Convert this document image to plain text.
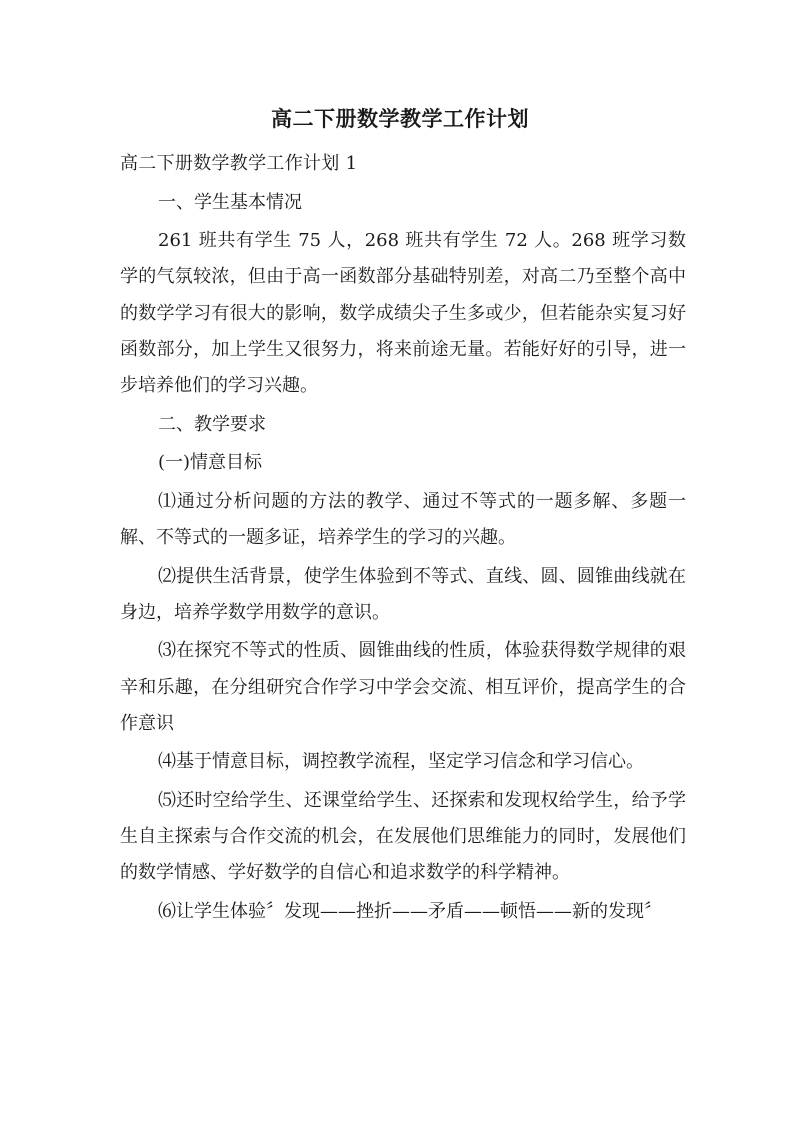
高二下册数学教学工作计划

高二下册数学教学工作计划 1

一、学生基本情况

261 班共有学生 75 人，268 班共有学生 72 人。268 班学习数学的气氛较浓，但由于高一函数部分基础特别差，对高二乃至整个高中的数学学习有很大的影响，数学成绩尖子生多或少，但若能杂实复习好函数部分，加上学生又很努力，将来前途无量。若能好好的引导，进一步培养他们的学习兴趣。

二、教学要求

(一)情意目标

⑴通过分析问题的方法的教学、通过不等式的一题多解、多题一解、不等式的一题多证，培养学生的学习的兴趣。

⑵提供生活背景，使学生体验到不等式、直线、圆、圆锥曲线就在身边，培养学数学用数学的意识。

⑶在探究不等式的性质、圆锥曲线的性质，体验获得数学规律的艰辛和乐趣，在分组研究合作学习中学会交流、相互评价，提高学生的合作意识

⑷基于情意目标，调控教学流程，坚定学习信念和学习信心。

⑸还时空给学生、还课堂给学生、还探索和发现权给学生，给予学生自主探索与合作交流的机会，在发展他们思维能力的同时，发展他们的数学情感、学好数学的自信心和追求数学的科学精神。

⑹让学生体验〞发现——挫折——矛盾——顿悟——新的发现〞
